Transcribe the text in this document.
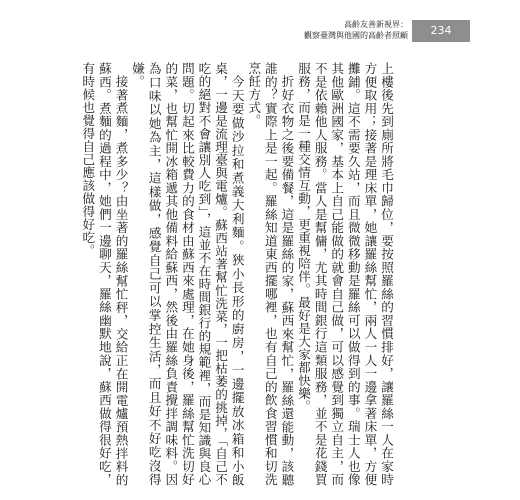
高齡友善新視界：
觀察臺灣與他國的高齡者照顧	234

上樓後先到廁所將毛巾歸位，要按照羅絲的習慣排好，讓羅絲一人在家時方便取用；接著是理床單，她讓羅絲幫忙，兩人一人一邊拿著床單，方便攤鋪。這不需要久站，而且微微移動是羅絲可以做得到的事。瑞士人也像其他歐洲國家，基本上自己能做的就會自己做，可以感覺到獨立自主，而不是依賴他人服務。當人是幫傭，尤其時間銀行這類服務，並不是花錢買服務，而是一種交情互動，更重視陪伴。最好是大家都快樂。

折好衣物之後要備餐，這是羅絲的家，蘇西來幫忙，羅絲還能動，該聽誰的？實際上是一起。羅絲知道東西擺哪裡，也有自己的飲食習慣和切洗烹飪方式。

今天要做沙拉和煮義大利麵。狹小長形的廚房，一邊擺放冰箱和小飯桌，一邊是流理臺與電爐。蘇西站著幫忙洗菜，一把枯萎的挑掉，「自己不吃的絕對不會讓別人吃到」，這並不在時間銀行的規範裡，而是知識與良心問題。切起來比較費力的食材由蘇西來處理，在她身後，羅絲幫忙洗切好的菜，也幫忙開冰箱遞其他備料給蘇西，然後由羅絲負責攪拌調味料。因為口味以她為主，這樣做，感覺自己可以掌控生活，而且好不好吃沒得嫌。

接著煮麵，煮多少？由坐著的羅絲幫忙秤，交給正在開電爐預熱拌料的蘇西。煮麵的過程中，她們一邊聊天，羅絲幽默地說，蘇西做得很好吃，有時候也覺得自己應該做得好吃。
